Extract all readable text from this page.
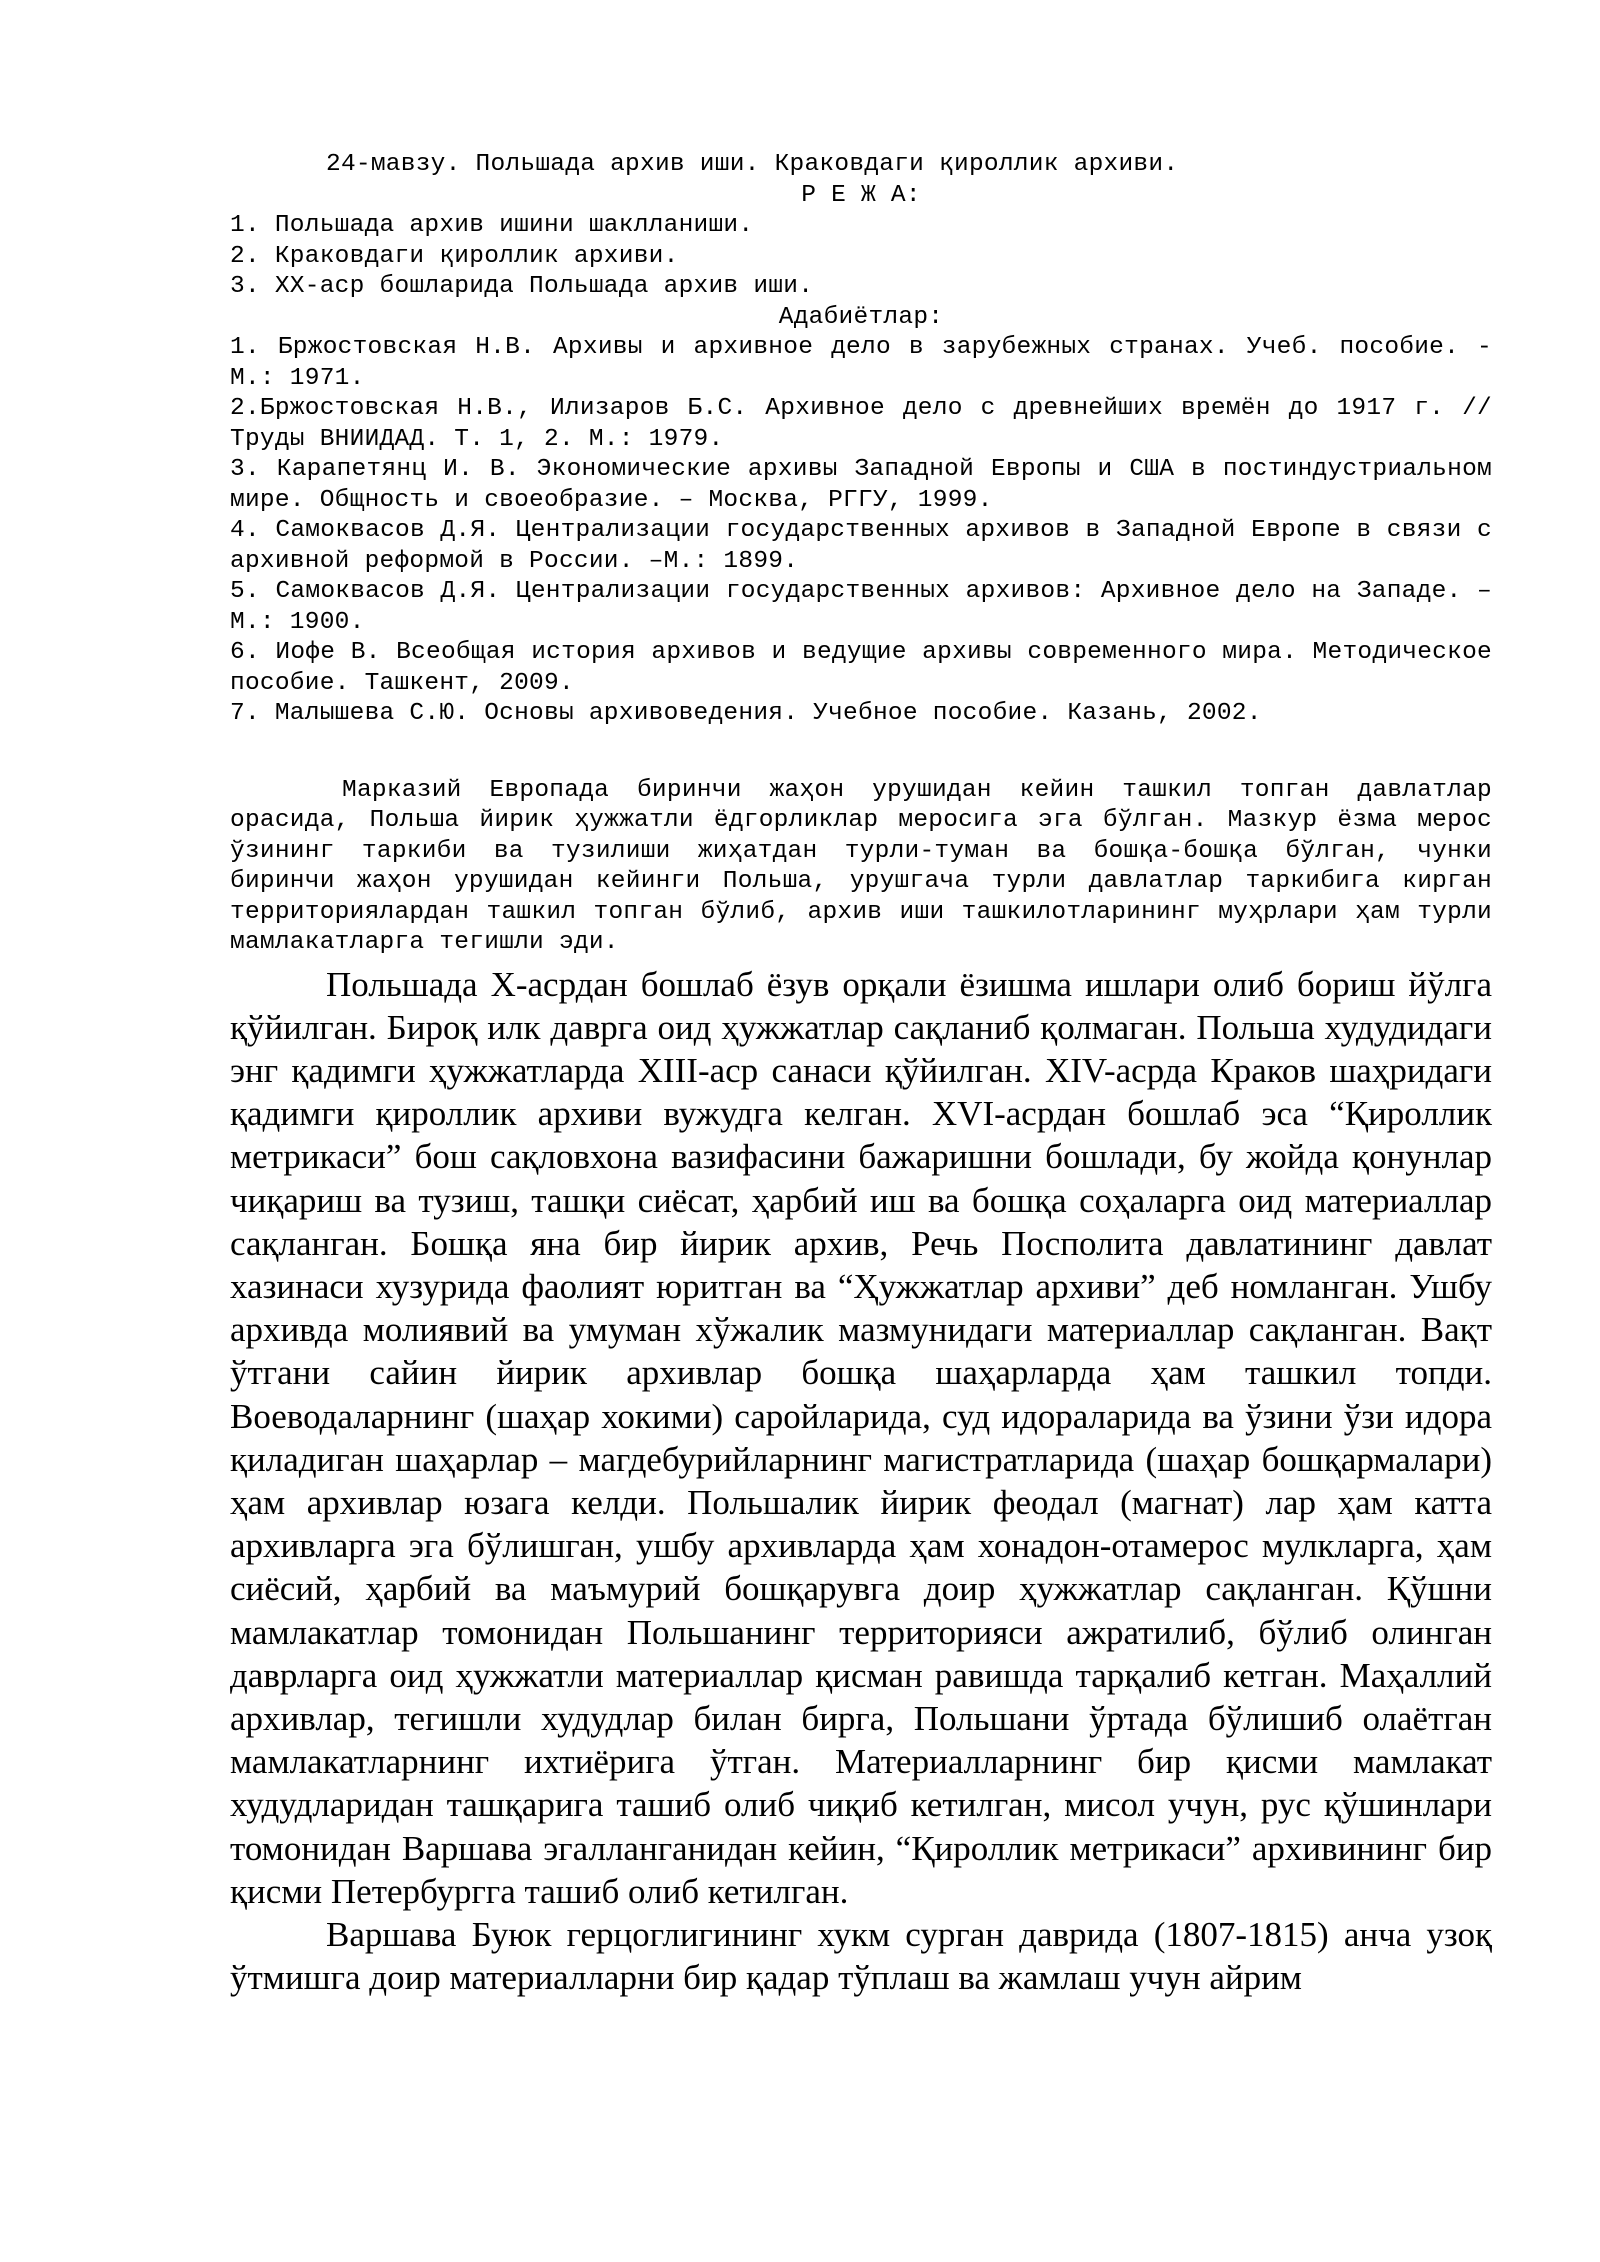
24-мавзу. Польшада архив иши. Краковдаги қироллик архиви.

Р Е Ж А:

1. Польшада архив ишини шаклланиши.

2. Краковдаги қироллик архиви.

3. XX-аср бошларида Польшада архив иши.

Адабиётлар:

1. Бржостовская Н.В. Архивы и архивное дело в зарубежных странах. Учеб. пособие. - М.: 1971.

2.Бржостовская Н.В., Илизаров Б.С. Архивное дело с древнейших времён до 1917 г. // Труды ВНИИДАД. Т. 1, 2. М.: 1979.

3. Карапетянц И. В. Экономические архивы Западной Европы и США в постиндустриальном мире. Общность и своеобразие. – Москва, РГГУ, 1999.

4. Самоквасов Д.Я. Централизации государственных архивов в Западной Европе в связи с архивной реформой в России. –М.: 1899.

5. Самоквасов Д.Я. Централизации государственных архивов: Архивное дело на Западе. –М.: 1900.

6. Иофе В. Всеобщая история архивов и ведущие архивы современного мира. Методическое пособие. Ташкент, 2009.

7. Малышева С.Ю. Основы архивоведения. Учебное пособие. Казань, 2002.

Марказий Европада биринчи жаҳон урушидан кейин ташкил топган давлатлар орасида, Польша йирик ҳужжатли ёдгорликлар меросига эга бўлган. Мазкур ёзма мерос ўзининг таркиби ва тузилиши жиҳатдан турли-туман ва бошқа-бошқа бўлган, чунки биринчи жаҳон урушидан кейинги Польша, урушгача турли давлатлар таркибига кирган территориялардан ташкил топган бўлиб, архив иши ташкилотларининг муҳрлари ҳам турли мамлакатларга тегишли эди.

Польшада X-асрдан бошлаб ёзув орқали ёзишма ишлари олиб бориш йўлга қўйилган. Бироқ илк даврга оид ҳужжатлар сақланиб қолмаган. Польша худудидаги энг қадимги ҳужжатларда XIII-аср санаси қўйилган. XIV-асрда Краков шаҳридаги қадимги қироллик архиви вужудга келган. XVI-асрдан бошлаб эса “Қироллик метрикаси” бош сақловхона вазифасини бажаришни бошлади, бу жойда қонунлар чиқариш ва тузиш, ташқи сиёсат, ҳарбий иш ва бошқа соҳаларга оид материаллар сақланган. Бошқа яна бир йирик архив, Речь Посполита давлатининг давлат хазинаси хузурида фаолият юритган ва “Ҳужжатлар архиви” деб номланган. Ушбу архивда молиявий ва умуман хўжалик мазмунидаги материаллар сақланган. Вақт ўтгани сайин йирик архивлар бошқа шаҳарларда ҳам ташкил топди. Воеводаларнинг (шаҳар хокими) саройларида, суд идораларида ва ўзини ўзи идора қиладиган шаҳарлар – магдебурийларнинг магистратларида (шаҳар бошқармалари) ҳам архивлар юзага келди. Польшалик йирик феодал (магнат) лар ҳам катта архивларга эга бўлишган, ушбу архивларда ҳам хонадон-отамерос мулкларга, ҳам сиёсий, ҳарбий ва маъмурий бошқарувга доир ҳужжатлар сақланган. Қўшни мамлакатлар томонидан Польшанинг территорияси ажратилиб, бўлиб олинган даврларга оид ҳужжатли материаллар қисман равишда тарқалиб кетган. Маҳаллий архивлар, тегишли худудлар билан бирга, Польшани ўртада бўлишиб олаётган мамлакатларнинг ихтиёрига ўтган. Материалларнинг бир қисми мамлакат худудларидан ташқарига ташиб олиб чиқиб кетилган, мисол учун, рус қўшинлари томонидан Варшава эгалланганидан кейин, “Қироллик метрикаси” архивининг бир қисми Петербургга ташиб олиб кетилган.

Варшава Буюк герцоглигининг хукм сурган даврида (1807-1815) анча узоқ ўтмишга доир материалларни бир қадар тўплаш ва жамлаш учун айрим
